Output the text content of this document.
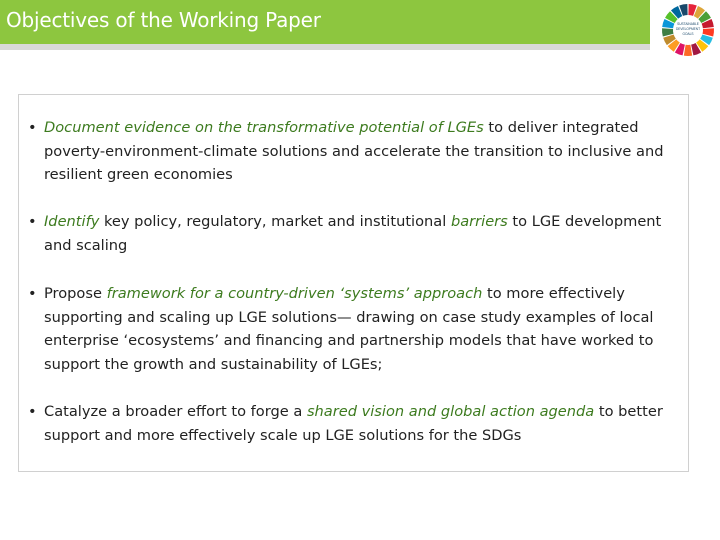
Objectives of the Working Paper	SUSTAINABLE
DEVELOPMENT
GOALS
• Document evidence on the transformative potential of LGEs to deliver integrated poverty-environment-climate solutions and accelerate the transition to inclusive and resilient green economies
• Identify key policy, regulatory, market and institutional barriers to LGE development and scaling
• Propose framework for a country-driven ‘systems’ approach to more effectively supporting and scaling up LGE solutions— drawing on case study examples of local enterprise ‘ecosystems’ and financing and partnership models that have worked to support the growth and sustainability of LGEs;
• Catalyze a broader effort to forge a shared vision and global action agenda to better support and more effectively scale up LGE solutions for the SDGs
